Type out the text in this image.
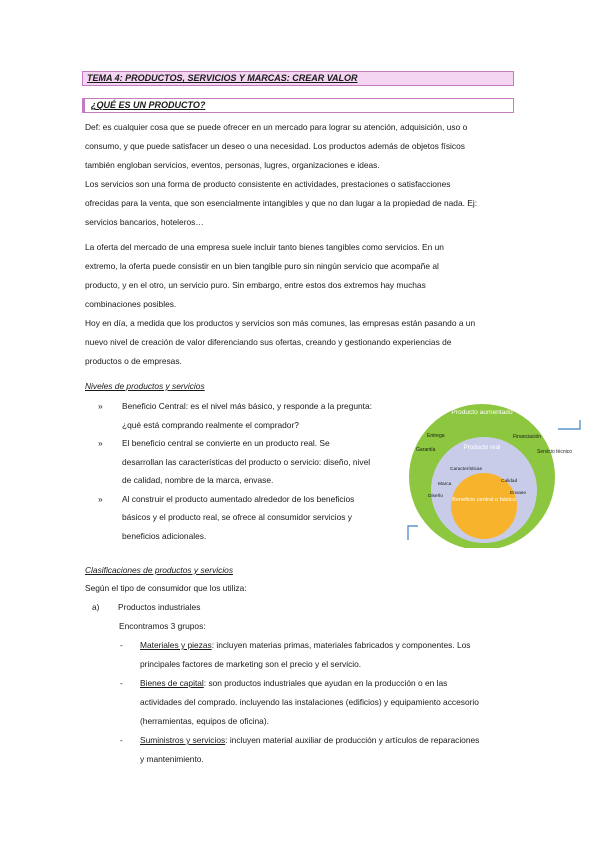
TEMA 4: PRODUCTOS, SERVICIOS Y MARCAS: CREAR VALOR
¿QUÉ ES UN PRODUCTO?
Def: es cualquier cosa que se puede ofrecer en un mercado para lograr su atención, adquisición, uso o
consumo, y que puede satisfacer un deseo o una necesidad. Los productos además de objetos físicos
también engloban servicios, eventos, personas, lugres, organizaciones e ideas.
Los servicios son una forma de producto consistente en actividades, prestaciones o satisfacciones
ofrecidas para la venta, que son esencialmente intangibles y que no dan lugar a la propiedad de nada. Ej:
servicios bancarios, hoteleros…
La oferta del mercado de una empresa suele incluir tanto bienes tangibles como servicios. En un
extremo, la oferta puede consistir en un bien tangible puro sin ningún servicio que acompañe al
producto, y en el otro, un servicio puro. Sin embargo, entre estos dos extremos hay muchas
combinaciones posibles.
Hoy en día, a medida que los productos y servicios son más comunes, las empresas están pasando a un
nuevo nivel de creación de valor diferenciando sus ofertas, creando y gestionando experiencias de
productos o de empresas.
Niveles de productos y servicios
» Beneficio Central: es el nivel más básico, y responde a la pregunta:
¿qué está comprando realmente el comprador?
» El beneficio central se convierte en un producto real. Se
desarrollan las características del producto o servicio: diseño, nivel
de calidad, nombre de la marca, envase.
» Al construir el producto aumentado alrededor de los beneficios
básicos y el producto real, se ofrece al consumidor servicios y
beneficios adicionales.
Producto aumentado
Entrega	Financiación
Garantía	Servicio técnico
Producto real
Características
Calidad
Marca
Envase
Diseño
Beneficio central o básico
Clasificaciones de productos y servicios
Según el tipo de consumidor que los utiliza:
a) Productos industriales
Encontramos 3 grupos:
- Materiales y piezas: incluyen materias primas, materiales fabricados y componentes. Los
principales factores de marketing son el precio y el servicio.
- Bienes de capital: son productos industriales que ayudan en la producción o en las
actividades del comprado. incluyendo las instalaciones (edificios) y equipamiento accesorio
(herramientas, equipos de oficina).
- Suministros y servicios: incluyen material auxiliar de producción y artículos de reparaciones
y mantenimiento.
